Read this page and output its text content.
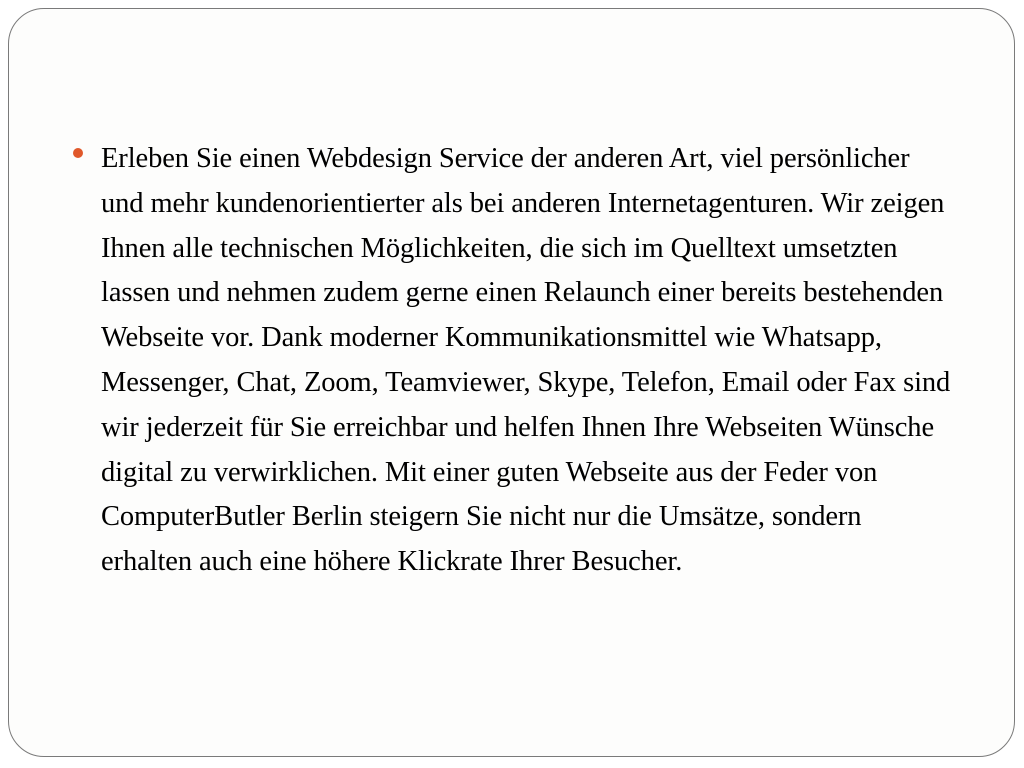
Erleben Sie einen Webdesign Service der anderen Art, viel persönlicher und mehr kundenorientierter als bei anderen Internetagenturen. Wir zeigen Ihnen alle technischen Möglichkeiten, die sich im Quelltext umsetzten lassen und nehmen zudem gerne einen Relaunch einer bereits bestehenden Webseite vor. Dank moderner Kommunikationsmittel wie Whatsapp, Messenger, Chat, Zoom, Teamviewer, Skype, Telefon, Email oder Fax sind wir jederzeit für Sie erreichbar und helfen Ihnen Ihre Webseiten Wünsche digital zu verwirklichen. Mit einer guten Webseite aus der Feder von ComputerButler Berlin steigern Sie nicht nur die Umsätze, sondern erhalten auch eine höhere Klickrate Ihrer Besucher.
